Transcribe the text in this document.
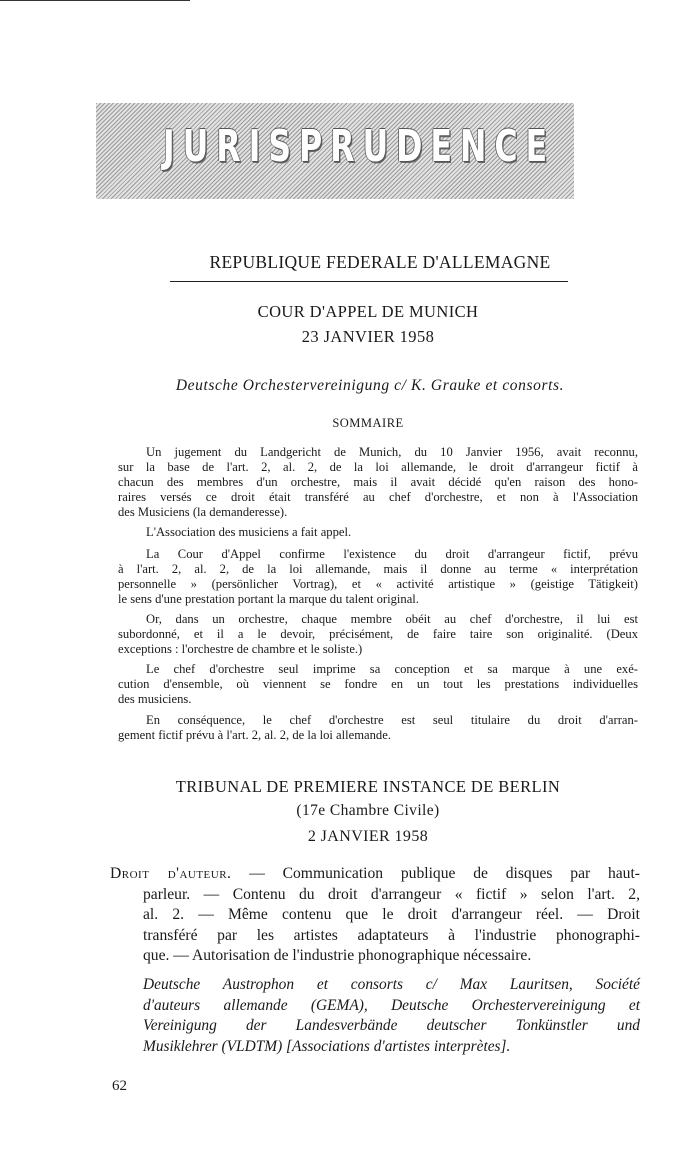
JURISPRUDENCE
REPUBLIQUE FEDERALE D'ALLEMAGNE
COUR D'APPEL DE MUNICH
23 JANVIER 1958
Deutsche Orchestervereinigung c/ K. Grauke et consorts.
SOMMAIRE
Un jugement du Landgericht de Munich, du 10 Janvier 1956, avait reconnu,
sur la base de l'art. 2, al. 2, de la loi allemande, le droit d'arrangeur fictif à
chacun des membres d'un orchestre, mais il avait décidé qu'en raison des hono-
raires versés ce droit était transféré au chef d'orchestre, et non à l'Association
des Musiciens (la demanderesse).
L'Association des musiciens a fait appel.
La Cour d'Appel confirme l'existence du droit d'arrangeur fictif, prévu
à l'art. 2, al. 2, de la loi allemande, mais il donne au terme « interprétation
personnelle » (persönlicher Vortrag), et « activité artistique » (geistige Tätigkeit)
le sens d'une prestation portant la marque du talent original.
Or, dans un orchestre, chaque membre obéit au chef d'orchestre, il lui est
subordonné, et il a le devoir, précisément, de faire taire son originalité. (Deux
exceptions : l'orchestre de chambre et le soliste.)
Le chef d'orchestre seul imprime sa conception et sa marque à une exé-
cution d'ensemble, où viennent se fondre en un tout les prestations individuelles
des musiciens.
En conséquence, le chef d'orchestre est seul titulaire du droit d'arran-
gement fictif prévu à l'art. 2, al. 2, de la loi allemande.
TRIBUNAL DE PREMIERE INSTANCE DE BERLIN
(17e Chambre Civile)
2 JANVIER 1958
Droit d'auteur. — Communication publique de disques par haut-
parleur. — Contenu du droit d'arrangeur « fictif » selon l'art. 2,
al. 2. — Même contenu que le droit d'arrangeur réel. — Droit
transféré par les artistes adaptateurs à l'industrie phonographi-
que. — Autorisation de l'industrie phonographique nécessaire.
Deutsche Austrophon et consorts c/ Max Lauritsen, Société
d'auteurs allemande (GEMA), Deutsche Orchestervereinigung et
Vereinigung der Landesverbände deutscher Tonkünstler und
Musiklehrer (VLDTM) [Associations d'artistes interprètes].
62
